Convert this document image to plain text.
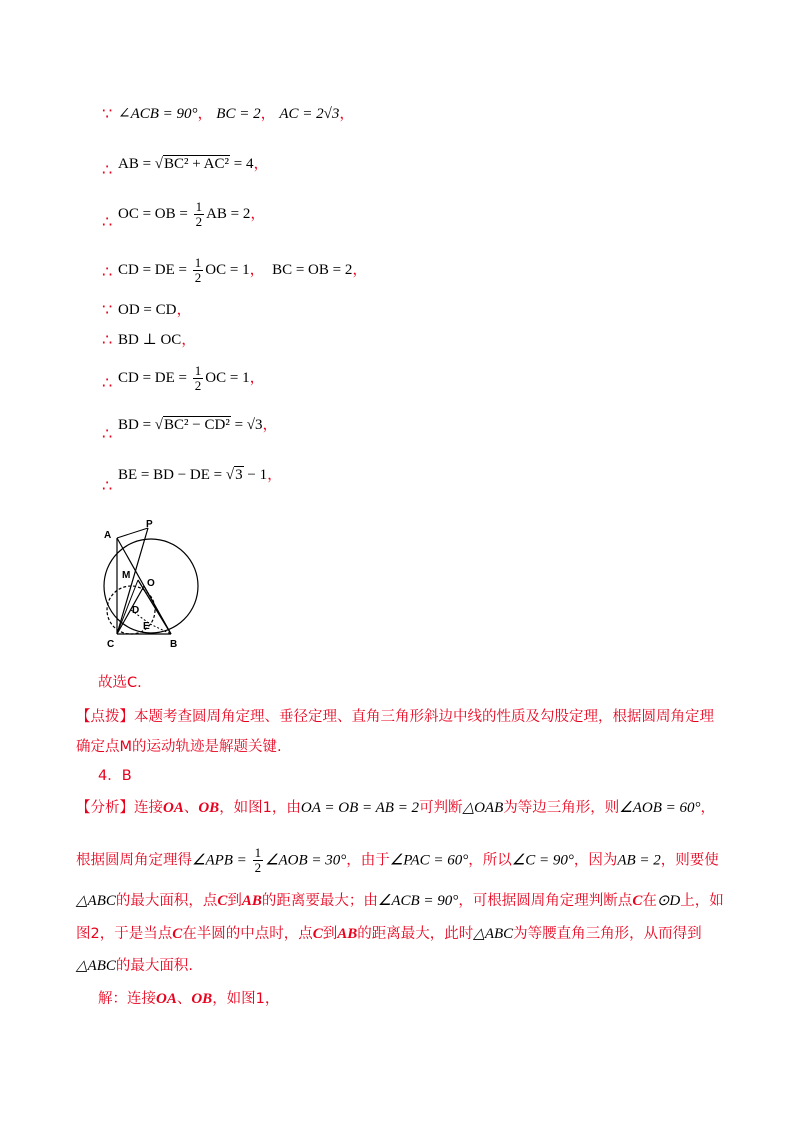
∵ ∠ACB = 90°， BC = 2， AC = 2√3，
∴ AB = √BC² + AC² = 4，
∴ OC = OB = $\frac{1}{2}$ AB = 2，
∴ CD = DE = $\frac{1}{2}$ OC = 1， BC = OB = 2，
∵ OD = CD，
∴ BD ⊥ OC，
∴ CD = DE = $\frac{1}{2}$ OC = 1，
∴ BD = √BC² − CD² = √3，
∴
BE = BD − DE = √3 − 1，
A
P
M
O
D
E
C	B
故选C.
【点拨】本题考查圆周角定理、垂径定理、直角三角形斜边中线的性质及勾股定理，根据圆周角定理
确定点M的运动轨迹是解题关键.
4．B
【分析】连接OA、OB，如图1，由OA = OB = AB = 2可判断△OAB为等边三角形，则∠AOB = 60°，
根据圆周角定理得∠APB = $\frac{1}{2}$ ∠AOB = 30°，由于∠PAC = 60°，所以∠C = 90°，因为AB = 2，则要使
△ABC的最大面积，点C到AB的距离要最大；由∠ACB = 90°，可根据圆周角定理判断点C在⊙D上，如
图2，于是当点C在半圆的中点时，点C到AB的距离最大，此时△ABC为等腰直角三角形，从而得到
△ABC的最大面积.
解：连接OA、OB，如图1，
